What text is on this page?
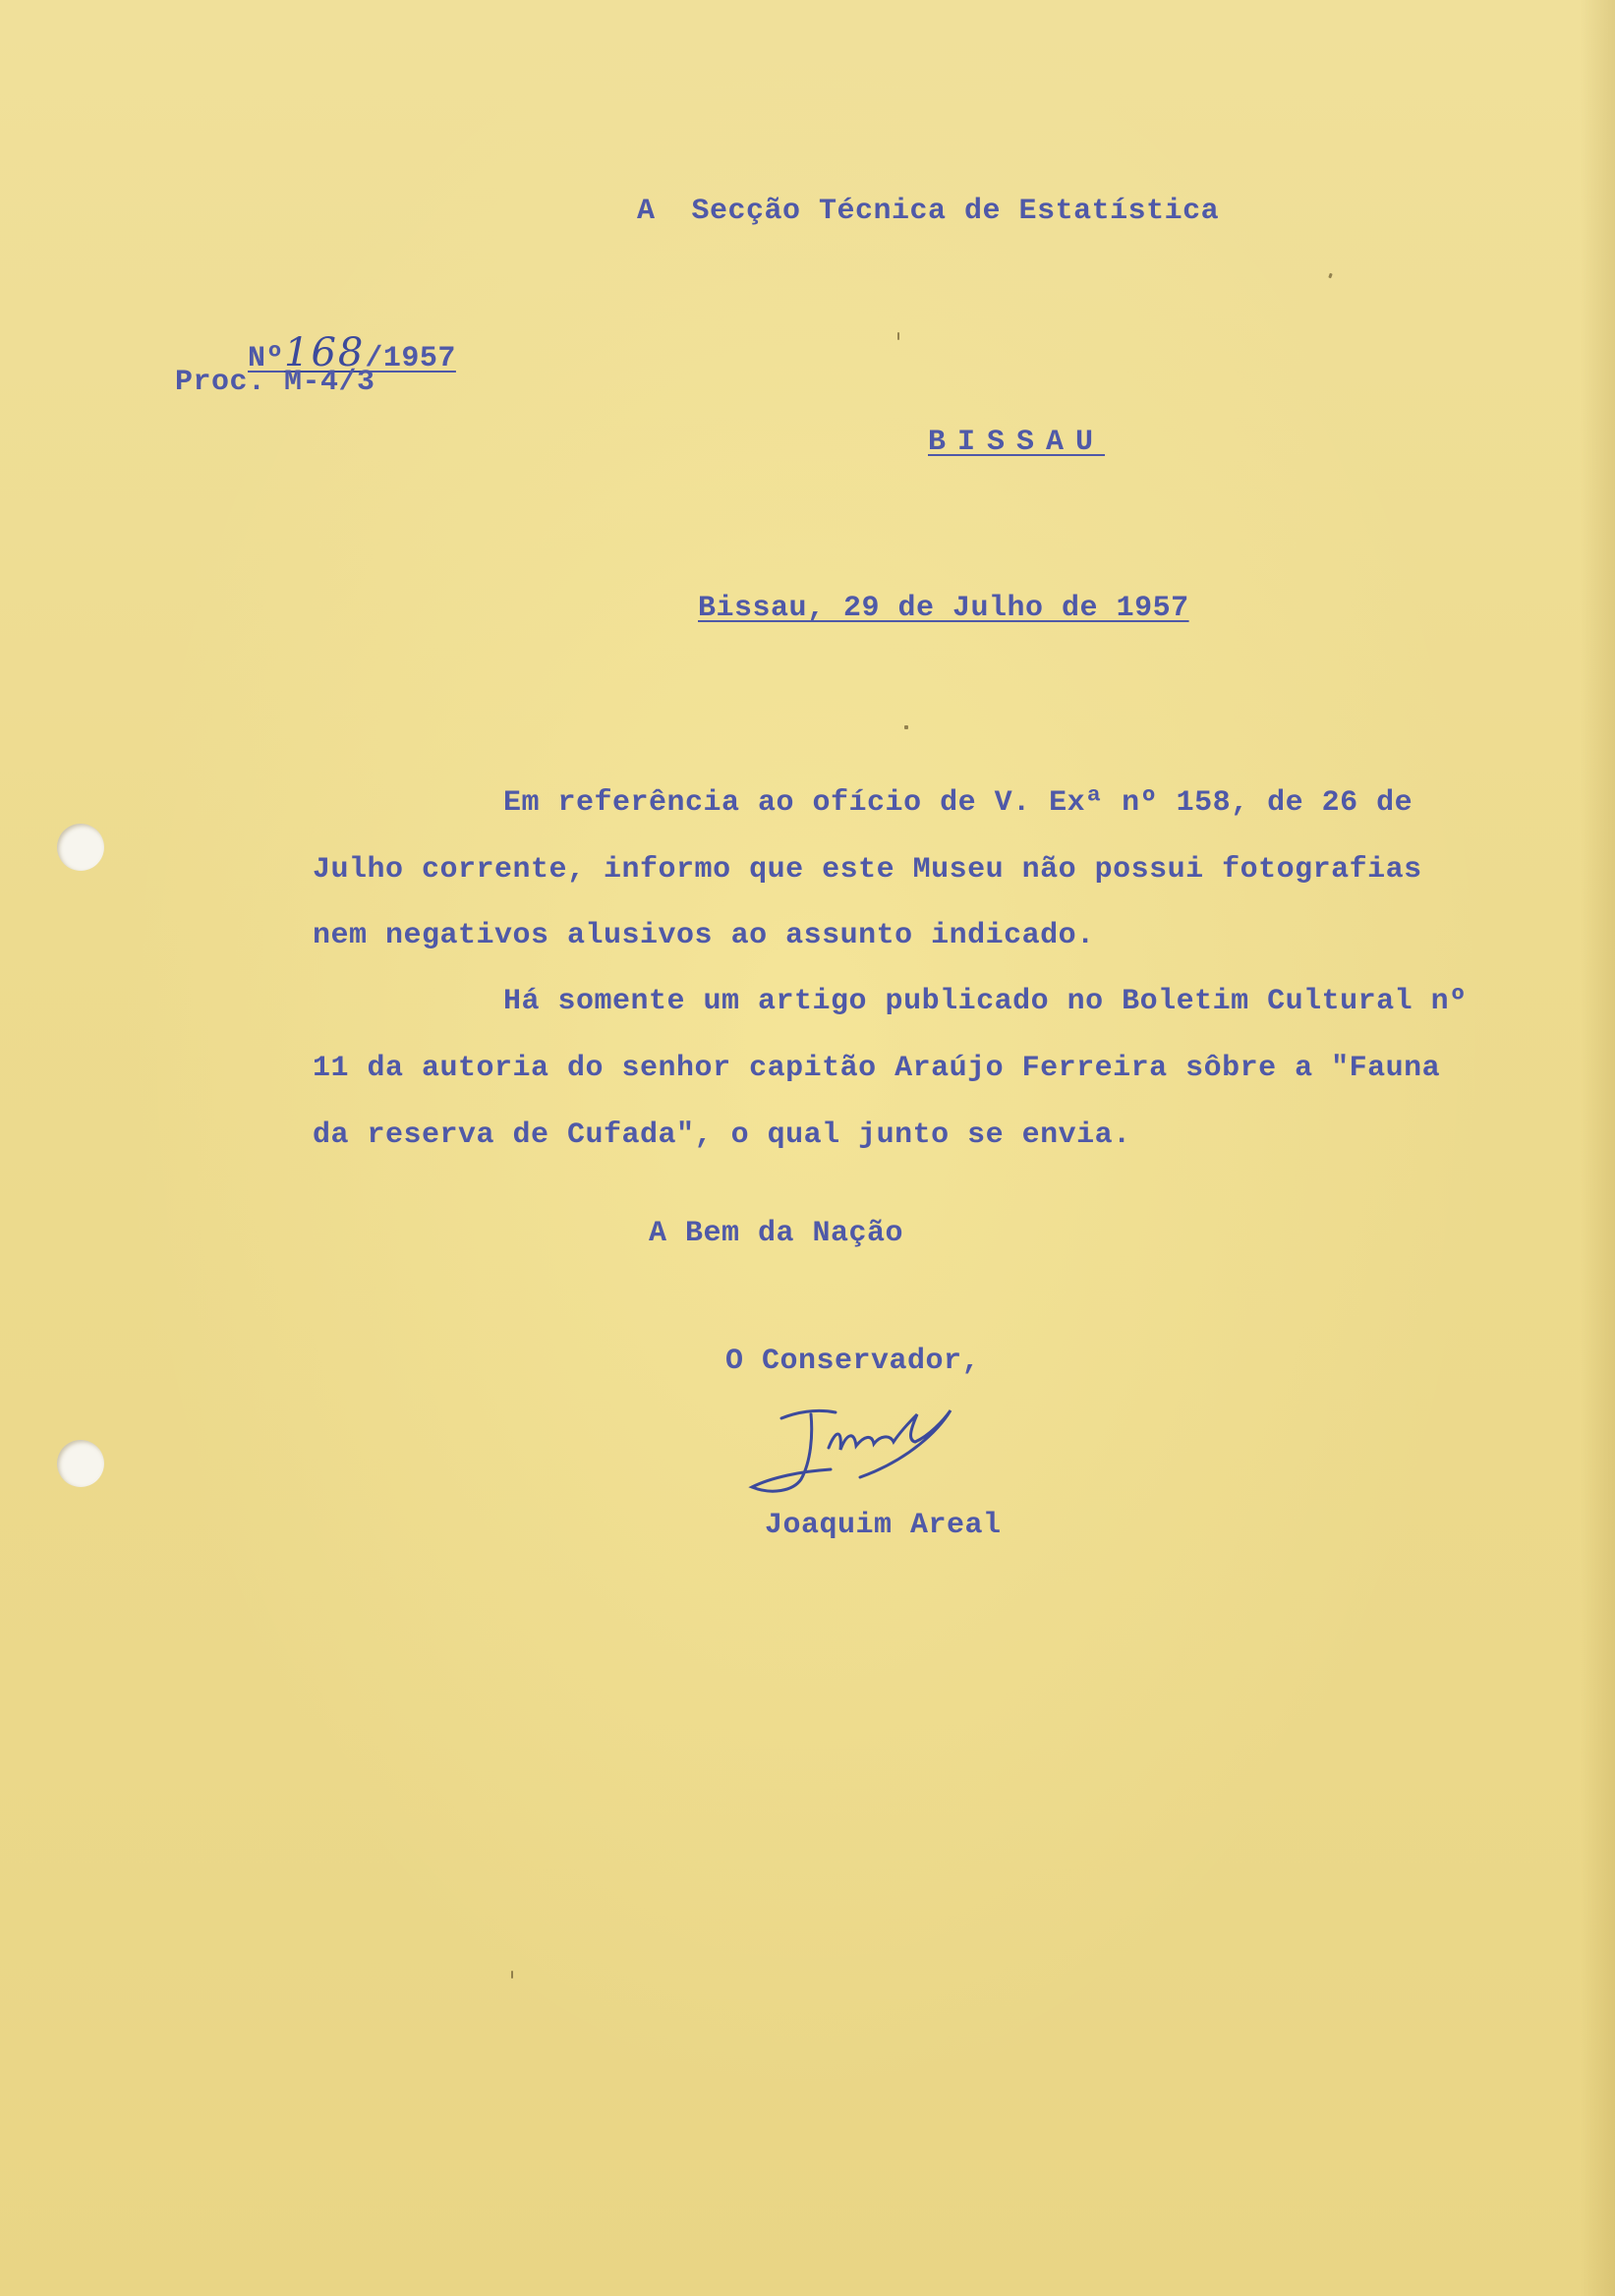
A  Secção Técnica de Estatística

Nº168/1957

Proc. M-4/3

BISSAU

Bissau, 29 de Julho de 1957

Em referência ao ofício de V. Exª nº 158, de 26 de

Julho corrente, informo que este Museu não possui fotografias

nem negativos alusivos ao assunto indicado.

Há somente um artigo publicado no Boletim Cultural nº

11 da autoria do senhor capitão Araújo Ferreira sôbre a "Fauna

da reserva de Cufada", o qual junto se envia.

A Bem da Nação

O Conservador,

Joaquim Areal
